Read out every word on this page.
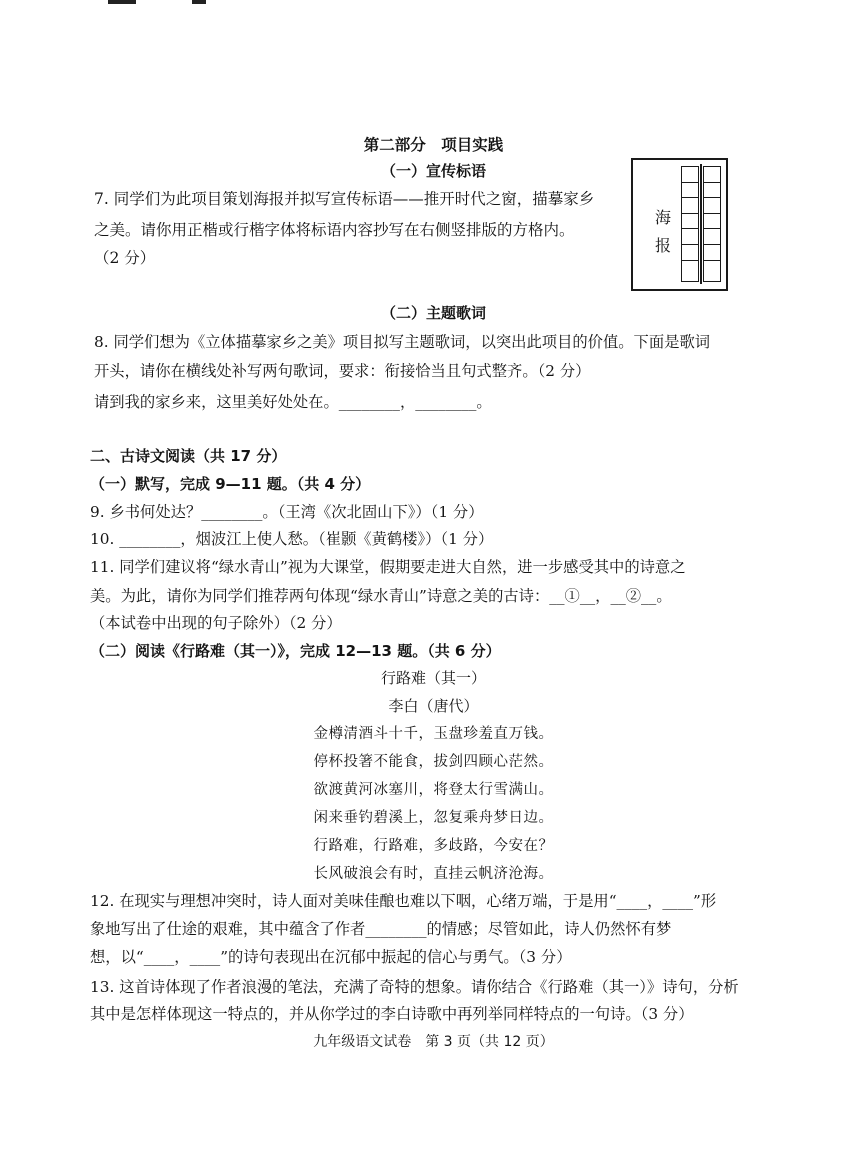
第二部分　项目实践
（一）宣传标语
7. 同学们为此项目策划海报并拟写宣传标语——推开时代之窗，描摹家乡
之美。请你用正楷或行楷字体将标语内容抄写在右侧竖排版的方格内。
（2 分）
海
报
（二）主题歌词
8. 同学们想为《立体描摹家乡之美》项目拟写主题歌词，以突出此项目的价值。下面是歌词
开头，请你在横线处补写两句歌词，要求：衔接恰当且句式整齐。（2 分）
请到我的家乡来，这里美好处处在。________，________。
二、古诗文阅读（共 17 分）
（一）默写，完成 9—11 题。（共 4 分）
9. 乡书何处达？________。（王湾《次北固山下》）（1 分）
10. ________，烟波江上使人愁。（崔颢《黄鹤楼》）（1 分）
11. 同学们建议将“绿水青山”视为大课堂，假期要走进大自然，进一步感受其中的诗意之
美。为此，请你为同学们推荐两句体现“绿水青山”诗意之美的古诗：__①__，__②__。
（本试卷中出现的句子除外）（2 分）
（二）阅读《行路难（其一）》，完成 12—13 题。（共 6 分）
行路难（其一）
李白（唐代）
金樽清酒斗十千，玉盘珍羞直万钱。
停杯投箸不能食，拔剑四顾心茫然。
欲渡黄河冰塞川，将登太行雪满山。
闲来垂钓碧溪上，忽复乘舟梦日边。
行路难，行路难，多歧路，今安在？
长风破浪会有时，直挂云帆济沧海。
12. 在现实与理想冲突时，诗人面对美味佳酿也难以下咽，心绪万端，于是用“____，____”形
象地写出了仕途的艰难，其中蕴含了作者________的情感；尽管如此，诗人仍然怀有梦
想，以“____，____”的诗句表现出在沉郁中振起的信心与勇气。（3 分）
13. 这首诗体现了作者浪漫的笔法，充满了奇特的想象。请你结合《行路难（其一）》诗句，分析
其中是怎样体现这一特点的，并从你学过的李白诗歌中再列举同样特点的一句诗。（3 分）
九年级语文试卷　第 3 页（共 12 页）
